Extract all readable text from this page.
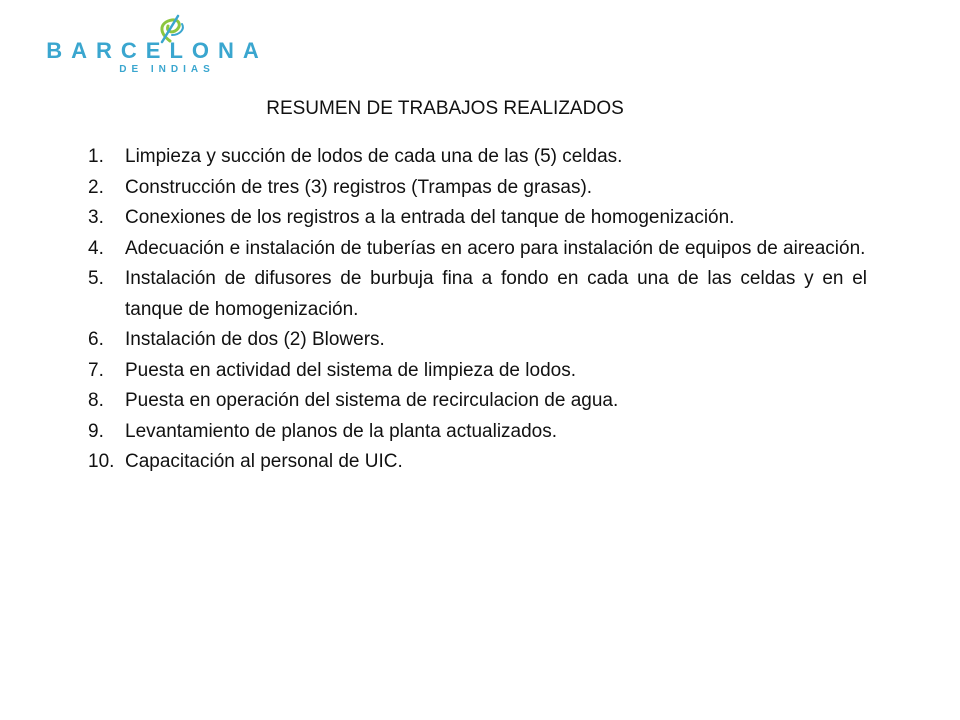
BARCELONA
DE INDIAS
RESUMEN DE TRABAJOS REALIZADOS
1.	Limpieza y succión de lodos de cada una de las (5) celdas.
2.	Construcción de tres (3) registros (Trampas de grasas).
3.	Conexiones de los registros a la entrada del tanque de homogenización.
4.	Adecuación e instalación de tuberías en acero para instalación de equipos de aireación.
5.	Instalación de difusores de burbuja fina a fondo en cada una de las celdas y en el tanque de homogenización.
6.	Instalación de dos (2) Blowers.
7.	Puesta en actividad del sistema de limpieza de lodos.
8.	Puesta en operación del sistema de recirculacion de agua.
9.	Levantamiento de planos de la planta actualizados.
10. Capacitación al personal de UIC.
